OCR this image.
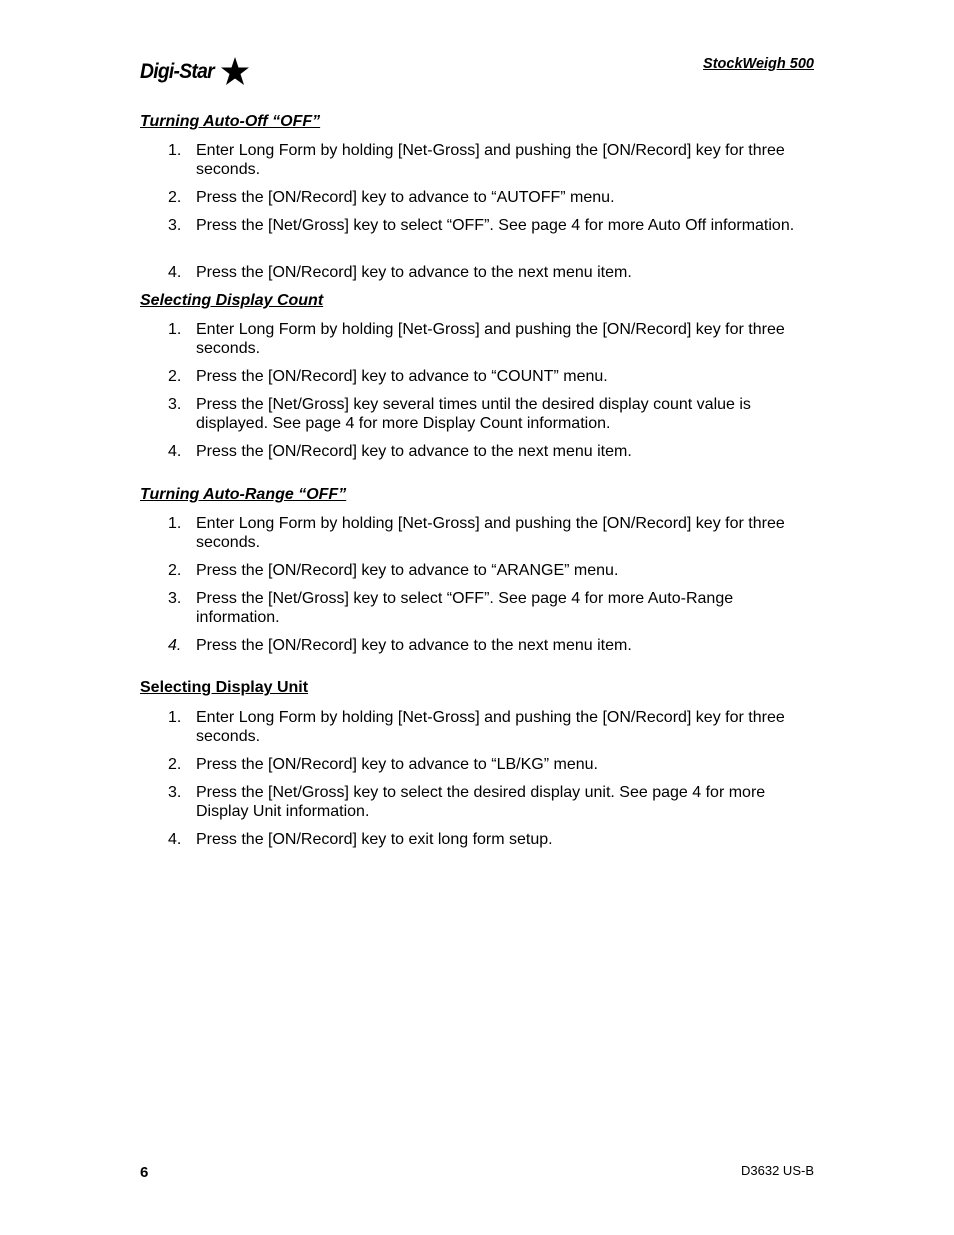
Digi-Star	StockWeigh 500
Turning Auto-Off “OFF”
1. Enter Long Form by holding [Net-Gross] and pushing the [ON/Record] key for three seconds.
2. Press the [ON/Record] key to advance to “AUTOFF” menu.
3. Press the [Net/Gross] key to select “OFF”. See page 4 for more Auto Off information.
4. Press the [ON/Record] key to advance to the next menu item.
Selecting Display Count
1. Enter Long Form by holding [Net-Gross] and pushing the [ON/Record] key for three seconds.
2. Press the [ON/Record] key to advance to “COUNT” menu.
3. Press the [Net/Gross] key several times until the desired display count value is displayed. See page 4 for more Display Count information.
4. Press the [ON/Record] key to advance to the next menu item.
Turning Auto-Range “OFF”
1. Enter Long Form by holding [Net-Gross] and pushing the [ON/Record] key for three seconds.
2. Press the [ON/Record] key to advance to “ARANGE” menu.
3. Press the [Net/Gross] key to select “OFF”. See page 4 for more Auto-Range information.
4. Press the [ON/Record] key to advance to the next menu item.
Selecting Display Unit
1. Enter Long Form by holding [Net-Gross] and pushing the [ON/Record] key for three seconds.
2. Press the [ON/Record] key to advance to “LB/KG” menu.
3. Press the [Net/Gross] key to select the desired display unit. See page 4 for more Display Unit information.
4. Press the [ON/Record] key to exit long form setup.
6	D3632 US-B
